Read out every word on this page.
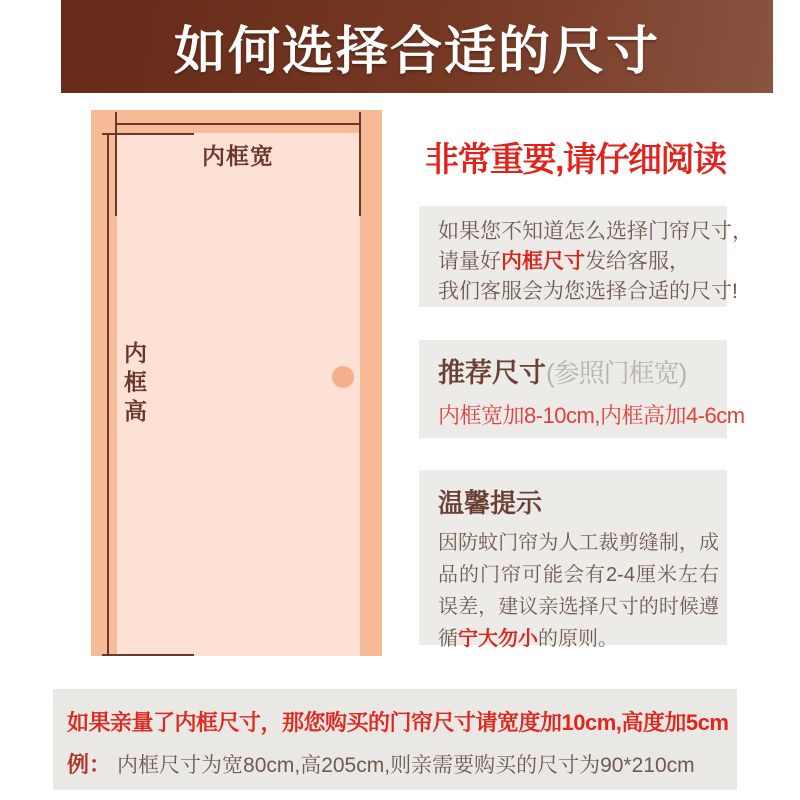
如何选择合适的尺寸
内框宽
内框高
非常重要,请仔细阅读
如果您不知道怎么选择门帘尺寸，
请量好内框尺寸发给客服，
我们客服会为您选择合适的尺寸!
推荐尺寸(参照门框宽)
内框宽加8-10cm,内框高加4-6cm
温馨提示
因防蚊门帘为人工裁剪缝制，成品的门帘可能会有2-4厘米左右误差，建议亲选择尺寸的时候遵循宁大勿小的原则。
如果亲量了内框尺寸，那您购买的门帘尺寸请宽度加10cm,高度加5cm
例： 内框尺寸为宽80cm,高205cm,则亲需要购买的尺寸为90*210cm
